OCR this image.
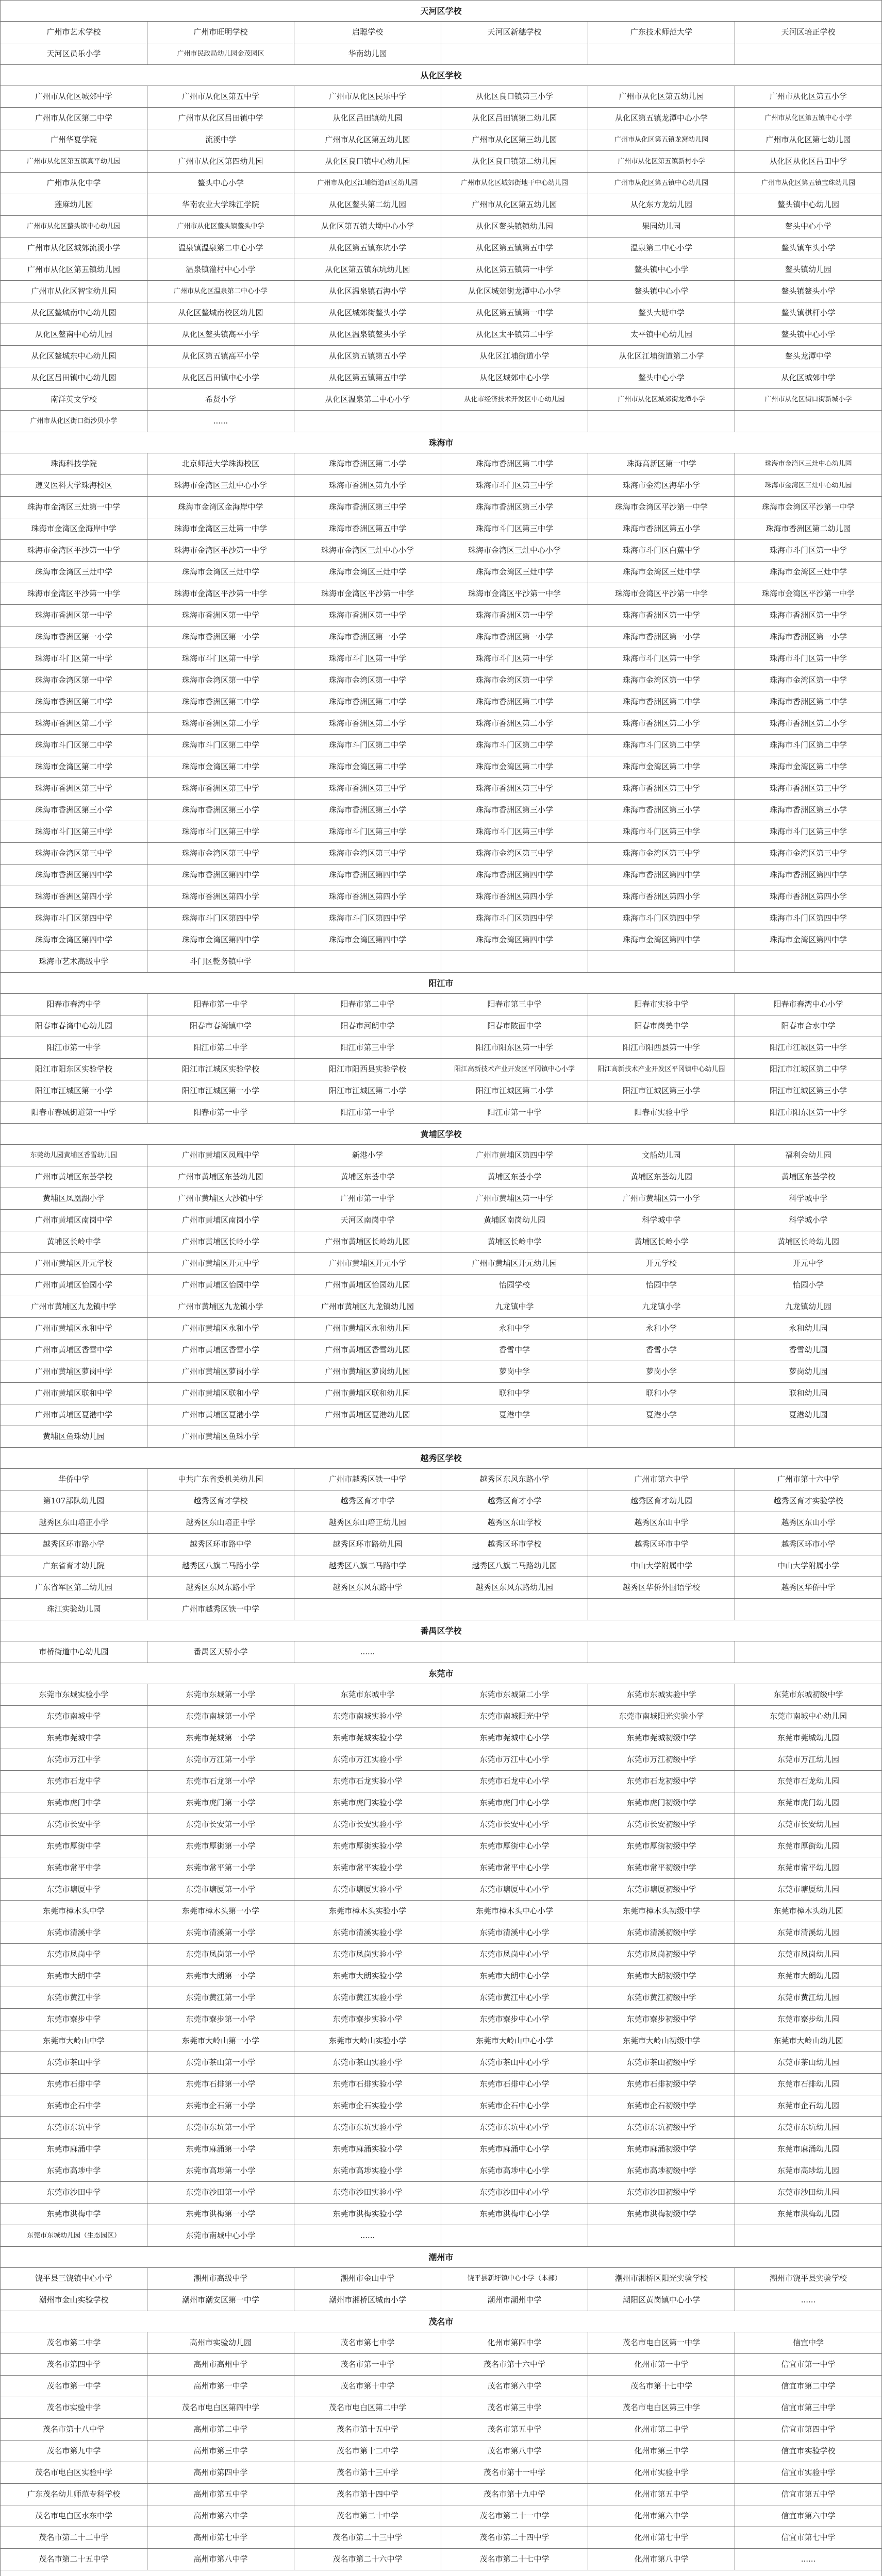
天河区学校					
广州市艺术学校	广州市旺明学校	启聪学校	天河区新穗学校	广东技术师范大学	天河区培正学校
天河区员乐小学	广州市民政局幼儿园金茂园区	华南幼儿园			
从化区学校					
广州市从化区城郊中学	广州市从化区第五中学	广州市从化区民乐中学	从化区良口镇第三小学	广州市从化区第五幼儿园	广州市从化区第五小学
广州市从化区第二中学	广州市从化区吕田镇中学	从化区吕田镇幼儿园	从化区吕田镇第二幼儿园	从化区第五镇龙潭中心小学	广州市从化区第五镇中心小学
广州华夏学院	流溪中学	广州市从化区第五幼儿园	广州市从化区第三幼儿园	广州市从化区第五镇龙窝幼儿园	广州市从化区第七幼儿园
广州市从化区第五镇高平幼儿园	广州市从化区第四幼儿园	从化区良口镇中心幼儿园	从化区良口镇第二幼儿园	广州市从化区第五镇新村小学	从化区从化区吕田中学
广州市从化中学	鳌头中心小学	广州市从化区江埔街道西区幼儿园	广州市从化区城郊街地干中心幼儿园	广州市从化区第五镇中心幼儿园	广州市从化区第五镇宝珠幼儿园
莲麻幼儿园	华南农业大学珠江学院	从化区鳌头第二幼儿园	广州市从化区第五幼儿园	从化东方龙幼儿园	鳌头镇中心幼儿园
广州市从化区螯头镇中心幼儿园	广州市从化区鳌头镇鳌头中学	从化区第五镇大坳中心小学	从化区鳌头镇镇幼儿园	果园幼儿园	鳌头中心小学
广州市从化区城郊流溪小学	温泉镇温泉第二中心小学	从化区第五镇东坑小学	从化区第五镇第五中学	温泉第二中心小学	鳌头镇车头小学
广州市从化区第五镇幼儿园	温泉镇灌村中心小学	从化区第五镇东坑幼儿园	从化区第五镇第一中学	鳌头镇中心小学	鳌头镇幼儿园
广州市从化区智宝幼儿园	广州市从化区温泉第二中心小学	从化区温泉镇石海小学	从化区城郊街龙潭中心小学	鳌头镇中心小学	鳌头镇鳌头小学
从化区鳌城南中心幼儿园	从化区鳌城南校区幼儿园	从化区城郊街鳌头小学	从化区第五镇第一中学	鳌头大塘中学	鳌头镇棋杆小学
从化区鳌南中心幼儿园	从化区鳌头镇高平小学	从化区温泉镇鳌头小学	从化区太平镇第二中学	太平镇中心幼儿园	鳌头镇中心小学
从化区鳌城东中心幼儿园	从化区第五镇高平小学	从化区第五镇第五小学	从化区江埔街道小学	从化区江埔街道第二小学	鳌头龙潭中学
从化区吕田镇中心幼儿园	从化区吕田镇中心小学	从化区第五镇第五中学	从化区城郊中心小学	鳌头中心小学	从化区城郊中学
南洋英文学校	希贤小学	从化区温泉第二中心小学	从化市经济技术开发区中心幼儿园	广州市从化区城郊街龙潭小学	广州市从化区街口街新城小学
广州市从化区街口街沙贝小学	......				
珠海市					
珠海科技学院	北京师范大学珠海校区	珠海市香洲区第二小学	珠海市香洲区第二中学	珠海高新区第一中学	珠海市金湾区三灶中心幼儿园
遵义医科大学珠海校区	珠海市金湾区三灶中心小学	珠海市香洲区第九小学	珠海市斗门区第三中学	珠海市金湾区海华小学	珠海市金湾区三灶中心幼儿园
珠海市金湾区三灶第一中学	珠海市金湾区金海岸中学	珠海市香洲区第三中学	珠海市香洲区第三小学	珠海市金湾区平沙第一中学	珠海市金湾区平沙第一中学
珠海市金湾区金海岸中学	珠海市金湾区三灶第一中学	珠海市香洲区第五中学	珠海市斗门区第三中学	珠海市香洲区第五小学	珠海市香洲区第二幼儿园
珠海市金湾区平沙第一中学	珠海市金湾区平沙第一中学	珠海市金湾区三灶中心小学	珠海市金湾区三灶中心小学	珠海市斗门区白蕉中学	珠海市斗门区第一中学
珠海市金湾区三灶中学	珠海市金湾区三灶中学	珠海市金湾区三灶中学	珠海市金湾区三灶中学	珠海市金湾区三灶中学	珠海市金湾区三灶中学
珠海市金湾区平沙第一中学	珠海市金湾区平沙第一中学	珠海市金湾区平沙第一中学	珠海市金湾区平沙第一中学	珠海市金湾区平沙第一中学	珠海市金湾区平沙第一中学
珠海市香洲区第一中学	珠海市香洲区第一中学	珠海市香洲区第一中学	珠海市香洲区第一中学	珠海市香洲区第一中学	珠海市香洲区第一中学
珠海市香洲区第一小学	珠海市香洲区第一小学	珠海市香洲区第一小学	珠海市香洲区第一小学	珠海市香洲区第一小学	珠海市香洲区第一小学
珠海市斗门区第一中学	珠海市斗门区第一中学	珠海市斗门区第一中学	珠海市斗门区第一中学	珠海市斗门区第一中学	珠海市斗门区第一中学
珠海市金湾区第一中学	珠海市金湾区第一中学	珠海市金湾区第一中学	珠海市金湾区第一中学	珠海市金湾区第一中学	珠海市金湾区第一中学
珠海市香洲区第二中学	珠海市香洲区第二中学	珠海市香洲区第二中学	珠海市香洲区第二中学	珠海市香洲区第二中学	珠海市香洲区第二中学
珠海市香洲区第二小学	珠海市香洲区第二小学	珠海市香洲区第二小学	珠海市香洲区第二小学	珠海市香洲区第二小学	珠海市香洲区第二小学
珠海市斗门区第二中学	珠海市斗门区第二中学	珠海市斗门区第二中学	珠海市斗门区第二中学	珠海市斗门区第二中学	珠海市斗门区第二中学
珠海市金湾区第二中学	珠海市金湾区第二中学	珠海市金湾区第二中学	珠海市金湾区第二中学	珠海市金湾区第二中学	珠海市金湾区第二中学
珠海市香洲区第三中学	珠海市香洲区第三中学	珠海市香洲区第三中学	珠海市香洲区第三中学	珠海市香洲区第三中学	珠海市香洲区第三中学
珠海市香洲区第三小学	珠海市香洲区第三小学	珠海市香洲区第三小学	珠海市香洲区第三小学	珠海市香洲区第三小学	珠海市香洲区第三小学
珠海市斗门区第三中学	珠海市斗门区第三中学	珠海市斗门区第三中学	珠海市斗门区第三中学	珠海市斗门区第三中学	珠海市斗门区第三中学
珠海市金湾区第三中学	珠海市金湾区第三中学	珠海市金湾区第三中学	珠海市金湾区第三中学	珠海市金湾区第三中学	珠海市金湾区第三中学
珠海市香洲区第四中学	珠海市香洲区第四中学	珠海市香洲区第四中学	珠海市香洲区第四中学	珠海市香洲区第四中学	珠海市香洲区第四中学
珠海市香洲区第四小学	珠海市香洲区第四小学	珠海市香洲区第四小学	珠海市香洲区第四小学	珠海市香洲区第四小学	珠海市香洲区第四小学
珠海市斗门区第四中学	珠海市斗门区第四中学	珠海市斗门区第四中学	珠海市斗门区第四中学	珠海市斗门区第四中学	珠海市斗门区第四中学
珠海市金湾区第四中学	珠海市金湾区第四中学	珠海市金湾区第四中学	珠海市金湾区第四中学	珠海市金湾区第四中学	珠海市金湾区第四中学
珠海市艺术高级中学	斗门区乾务镇中学				
阳江市					
阳春市春湾中学	阳春市第一中学	阳春市第二中学	阳春市第三中学	阳春市实验中学	阳春市春湾中心小学
阳春市春湾中心幼儿园	阳春市春湾镇中学	阳春市河朗中学	阳春市陂面中学	阳春市岗美中学	阳春市合水中学
阳江市第一中学	阳江市第二中学	阳江市第三中学	阳江市阳东区第一中学	阳江市阳西县第一中学	阳江市江城区第一中学
阳江市阳东区实验学校	阳江市江城区实验学校	阳江市阳西县实验学校	阳江高新技术产业开发区平冈镇中心小学	阳江高新技术产业开发区平冈镇中心幼儿园	阳江市江城区第二中学
阳江市江城区第一小学	阳江市江城区第一小学	阳江市江城区第二小学	阳江市江城区第二小学	阳江市江城区第三小学	阳江市江城区第三小学
阳春市春城街道第一中学	阳春市第一中学	阳江市第一中学	阳江市第一中学	阳春市实验中学	阳江市阳东区第一中学
黄埔区学校					
东莞幼儿园黄埔区香雪幼儿园	广州市黄埔区凤凰中学	新港小学	广州市黄埔区第四中学	文船幼儿园	福利会幼儿园
广州市黄埔区东荟学校	广州市黄埔区东荟幼儿园	黄埔区东荟中学	黄埔区东荟小学	黄埔区东荟幼儿园	黄埔区东荟学校
黄埔区凤凰湖小学	广州市黄埔区大沙镇中学	广州市第一中学	广州市黄埔区第一中学	广州市黄埔区第一小学	科学城中学
广州市黄埔区南岗中学	广州市黄埔区南岗小学	天河区南岗中学	黄埔区南岗幼儿园	科学城中学	科学城小学
黄埔区长岭中学	广州市黄埔区长岭小学	广州市黄埔区长岭幼儿园	黄埔区长岭中学	黄埔区长岭小学	黄埔区长岭幼儿园
广州市黄埔区开元学校	广州市黄埔区开元中学	广州市黄埔区开元小学	广州市黄埔区开元幼儿园	开元学校	开元中学
广州市黄埔区怡园小学	广州市黄埔区怡园中学	广州市黄埔区怡园幼儿园	怡园学校	怡园中学	怡园小学
广州市黄埔区九龙镇中学	广州市黄埔区九龙镇小学	广州市黄埔区九龙镇幼儿园	九龙镇中学	九龙镇小学	九龙镇幼儿园
广州市黄埔区永和中学	广州市黄埔区永和小学	广州市黄埔区永和幼儿园	永和中学	永和小学	永和幼儿园
广州市黄埔区香雪中学	广州市黄埔区香雪小学	广州市黄埔区香雪幼儿园	香雪中学	香雪小学	香雪幼儿园
广州市黄埔区萝岗中学	广州市黄埔区萝岗小学	广州市黄埔区萝岗幼儿园	萝岗中学	萝岗小学	萝岗幼儿园
广州市黄埔区联和中学	广州市黄埔区联和小学	广州市黄埔区联和幼儿园	联和中学	联和小学	联和幼儿园
广州市黄埔区夏港中学	广州市黄埔区夏港小学	广州市黄埔区夏港幼儿园	夏港中学	夏港小学	夏港幼儿园
黄埔区鱼珠幼儿园	广州市黄埔区鱼珠小学				
越秀区学校					
华侨中学	中共广东省委机关幼儿园	广州市越秀区铁一中学	越秀区东风东路小学	广州市第六中学	广州市第十六中学
第107部队幼儿园	越秀区育才学校	越秀区育才中学	越秀区育才小学	越秀区育才幼儿园	越秀区育才实验学校
越秀区东山培正小学	越秀区东山培正中学	越秀区东山培正幼儿园	越秀区东山学校	越秀区东山中学	越秀区东山小学
越秀区环市路小学	越秀区环市路中学	越秀区环市路幼儿园	越秀区环市学校	越秀区环市中学	越秀区环市小学
广东省育才幼儿院	越秀区八旗二马路小学	越秀区八旗二马路中学	越秀区八旗二马路幼儿园	中山大学附属中学	中山大学附属小学
广东省军区第二幼儿园	越秀区东风东路小学	越秀区东风东路中学	越秀区东风东路幼儿园	越秀区华侨外国语学校	越秀区华侨中学
珠江实验幼儿园	广州市越秀区铁一中学				
番禺区学校					
市桥街道中心幼儿园	番禺区天骄小学	......			
东莞市					
东莞市东城实验小学	东莞市东城第一小学	东莞市东城中学	东莞市东城第二小学	东莞市东城实验中学	东莞市东城初级中学
东莞市南城中学	东莞市南城第一小学	东莞市南城实验小学	东莞市南城阳光中学	东莞市南城阳光实验小学	东莞市南城中心幼儿园
东莞市莞城中学	东莞市莞城第一小学	东莞市莞城实验小学	东莞市莞城中心小学	东莞市莞城初级中学	东莞市莞城幼儿园
东莞市万江中学	东莞市万江第一小学	东莞市万江实验小学	东莞市万江中心小学	东莞市万江初级中学	东莞市万江幼儿园
东莞市石龙中学	东莞市石龙第一小学	东莞市石龙实验小学	东莞市石龙中心小学	东莞市石龙初级中学	东莞市石龙幼儿园
东莞市虎门中学	东莞市虎门第一小学	东莞市虎门实验小学	东莞市虎门中心小学	东莞市虎门初级中学	东莞市虎门幼儿园
东莞市长安中学	东莞市长安第一小学	东莞市长安实验小学	东莞市长安中心小学	东莞市长安初级中学	东莞市长安幼儿园
东莞市厚街中学	东莞市厚街第一小学	东莞市厚街实验小学	东莞市厚街中心小学	东莞市厚街初级中学	东莞市厚街幼儿园
东莞市常平中学	东莞市常平第一小学	东莞市常平实验小学	东莞市常平中心小学	东莞市常平初级中学	东莞市常平幼儿园
东莞市塘厦中学	东莞市塘厦第一小学	东莞市塘厦实验小学	东莞市塘厦中心小学	东莞市塘厦初级中学	东莞市塘厦幼儿园
东莞市樟木头中学	东莞市樟木头第一小学	东莞市樟木头实验小学	东莞市樟木头中心小学	东莞市樟木头初级中学	东莞市樟木头幼儿园
东莞市清溪中学	东莞市清溪第一小学	东莞市清溪实验小学	东莞市清溪中心小学	东莞市清溪初级中学	东莞市清溪幼儿园
东莞市凤岗中学	东莞市凤岗第一小学	东莞市凤岗实验小学	东莞市凤岗中心小学	东莞市凤岗初级中学	东莞市凤岗幼儿园
东莞市大朗中学	东莞市大朗第一小学	东莞市大朗实验小学	东莞市大朗中心小学	东莞市大朗初级中学	东莞市大朗幼儿园
东莞市黄江中学	东莞市黄江第一小学	东莞市黄江实验小学	东莞市黄江中心小学	东莞市黄江初级中学	东莞市黄江幼儿园
东莞市寮步中学	东莞市寮步第一小学	东莞市寮步实验小学	东莞市寮步中心小学	东莞市寮步初级中学	东莞市寮步幼儿园
东莞市大岭山中学	东莞市大岭山第一小学	东莞市大岭山实验小学	东莞市大岭山中心小学	东莞市大岭山初级中学	东莞市大岭山幼儿园
东莞市茶山中学	东莞市茶山第一小学	东莞市茶山实验小学	东莞市茶山中心小学	东莞市茶山初级中学	东莞市茶山幼儿园
东莞市石排中学	东莞市石排第一小学	东莞市石排实验小学	东莞市石排中心小学	东莞市石排初级中学	东莞市石排幼儿园
东莞市企石中学	东莞市企石第一小学	东莞市企石实验小学	东莞市企石中心小学	东莞市企石初级中学	东莞市企石幼儿园
东莞市东坑中学	东莞市东坑第一小学	东莞市东坑实验小学	东莞市东坑中心小学	东莞市东坑初级中学	东莞市东坑幼儿园
东莞市麻涌中学	东莞市麻涌第一小学	东莞市麻涌实验小学	东莞市麻涌中心小学	东莞市麻涌初级中学	东莞市麻涌幼儿园
东莞市高埗中学	东莞市高埗第一小学	东莞市高埗实验小学	东莞市高埗中心小学	东莞市高埗初级中学	东莞市高埗幼儿园
东莞市沙田中学	东莞市沙田第一小学	东莞市沙田实验小学	东莞市沙田中心小学	东莞市沙田初级中学	东莞市沙田幼儿园
东莞市洪梅中学	东莞市洪梅第一小学	东莞市洪梅实验小学	东莞市洪梅中心小学	东莞市洪梅初级中学	东莞市洪梅幼儿园
东莞市东城幼儿园（生态园区）	东莞市南城中心小学	......			
潮州市					
饶平县三饶镇中心小学	潮州市高级中学	潮州市金山中学	饶平县新圩镇中心小学（本部）	潮州市湘桥区阳光实验学校	潮州市饶平县实验学校
潮州市金山实验学校	潮州市潮安区第一中学	潮州市湘桥区城南小学	潮州市潮州中学	潮阳区黄岗镇中心小学	......
茂名市					
茂名市第二中学	高州市实验幼儿园	茂名市第七中学	化州市第四中学	茂名市电白区第一中学	信宜中学
茂名市第四中学	高州市高州中学	茂名市第一中学	茂名市第十六中学	化州市第一中学	信宜市第一中学
茂名市第一中学	高州市第一中学	茂名市第十中学	茂名市第六中学	茂名市第十七中学	信宜市第二中学
茂名市实验中学	茂名市电白区第四中学	茂名市电白区第二中学	茂名市第三中学	茂名市电白区第三中学	信宜市第三中学
茂名市第十八中学	高州市第二中学	茂名市第十五中学	茂名市第五中学	化州市第二中学	信宜市第四中学
茂名市第九中学	高州市第三中学	茂名市第十二中学	茂名市第八中学	化州市第三中学	信宜市实验学校
茂名市电白区实验中学	高州市第四中学	茂名市第十三中学	茂名市第十一中学	化州市实验中学	信宜市实验中学
广东茂名幼儿师范专科学校	高州市第五中学	茂名市第十四中学	茂名市第十九中学	化州市第五中学	信宜市第五中学
茂名市电白区水东中学	高州市第六中学	茂名市第二十中学	茂名市第二十一中学	化州市第六中学	信宜市第六中学
茂名市第二十二中学	高州市第七中学	茂名市第二十三中学	茂名市第二十四中学	化州市第七中学	信宜市第七中学
茂名市第二十五中学	高州市第八中学	茂名市第二十六中学	茂名市第二十七中学	化州市第八中学	......
